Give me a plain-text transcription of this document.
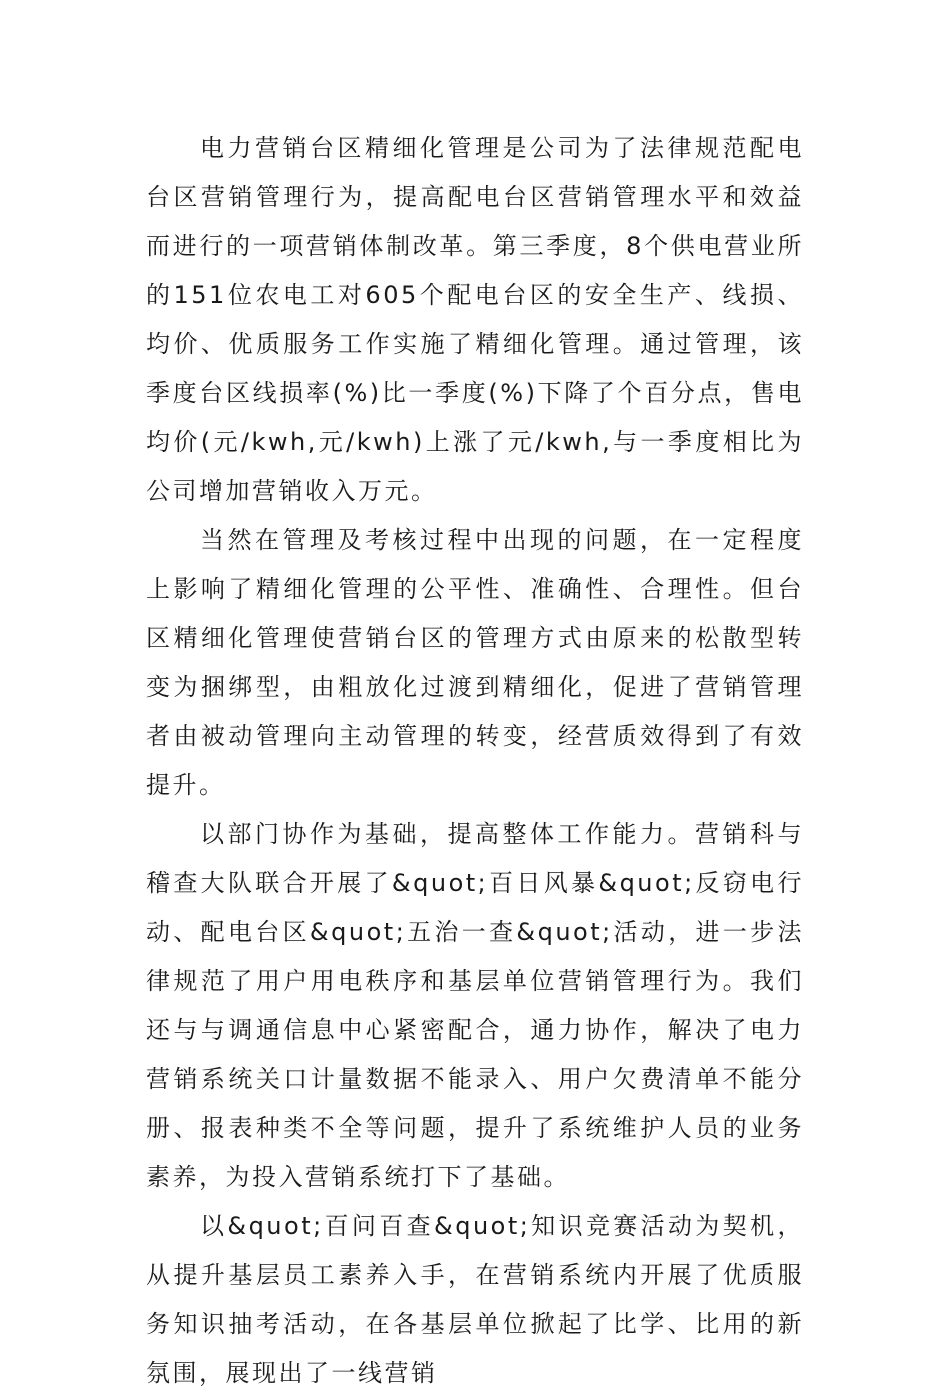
电力营销台区精细化管理是公司为了法律规范配电台区营销管理行为，提高配电台区营销管理水平和效益而进行的一项营销体制改革。第三季度，8个供电营业所的151位农电工对605个配电台区的安全生产、线损、均价、优质服务工作实施了精细化管理。通过管理，该季度台区线损率(%)比一季度(%)下降了个百分点，售电均价(元/kwh,元/kwh)上涨了元/kwh,与一季度相比为公司增加营销收入万元。

当然在管理及考核过程中出现的问题，在一定程度上影响了精细化管理的公平性、准确性、合理性。但台区精细化管理使营销台区的管理方式由原来的松散型转变为捆绑型，由粗放化过渡到精细化，促进了营销管理者由被动管理向主动管理的转变，经营质效得到了有效提升。

以部门协作为基础，提高整体工作能力。营销科与稽查大队联合开展了&quot;百日风暴&quot;反窃电行动、配电台区&quot;五治一查&quot;活动，进一步法律规范了用户用电秩序和基层单位营销管理行为。我们还与与调通信息中心紧密配合，通力协作，解决了电力营销系统关口计量数据不能录入、用户欠费清单不能分册、报表种类不全等问题，提升了系统维护人员的业务素养，为投入营销系统打下了基础。

以&quot;百问百查&quot;知识竞赛活动为契机，从提升基层员工素养入手，在营销系统内开展了优质服务知识抽考活动，在各基层单位掀起了比学、比用的新氛围，展现出了一线营销
